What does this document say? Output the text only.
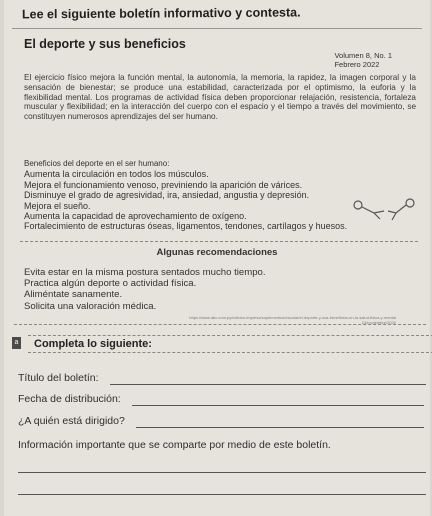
Lee el siguiente boletín informativo y contesta.
El deporte y sus beneficios
Volumen 8, No. 1
Febrero 2022
El ejercicio físico mejora la función mental, la autonomía, la memoria, la rapidez, la imagen corporal y la sensación de bienestar; se produce una estabilidad, caracterizada por el optimismo, la euforia y la flexibilidad mental. Los programas de actividad física deben proporcionar relajación, resistencia, fortaleza muscular y flexibilidad; en la interacción del cuerpo con el espacio y el tiempo a través del movimiento, se constituyen numerosos aprendizajes del ser humano.
Beneficios del deporte en el ser humano:
Aumenta la circulación en todos los músculos.
Mejora el funcionamiento venoso, previniendo la aparición de várices.
Disminuye el grado de agresividad, ira, ansiedad, angustia y depresión.
Mejora el sueño.
Aumenta la capacidad de aprovechamiento de oxígeno.
Fortalecimiento de estructuras óseas, ligamentos, tendones, cartílagos y huesos.
Algunas recomendaciones
Evita estar en la misma postura sentados mucho tiempo.
Practica algún deporte o actividad física.
Aliméntate sanamente.
Solicita una valoración médica.
https://www.abc.com.py/edicion-impresa/suplementos/escolar/el-deporte-y-sus-beneficios-en-la-salud-fisica-y-mental
13/noviembre/2020
a	Completa lo siguiente:
Título del boletín:
Fecha de distribución:
¿A quién está dirigido?
Información importante que se comparte por medio de este boletín.
